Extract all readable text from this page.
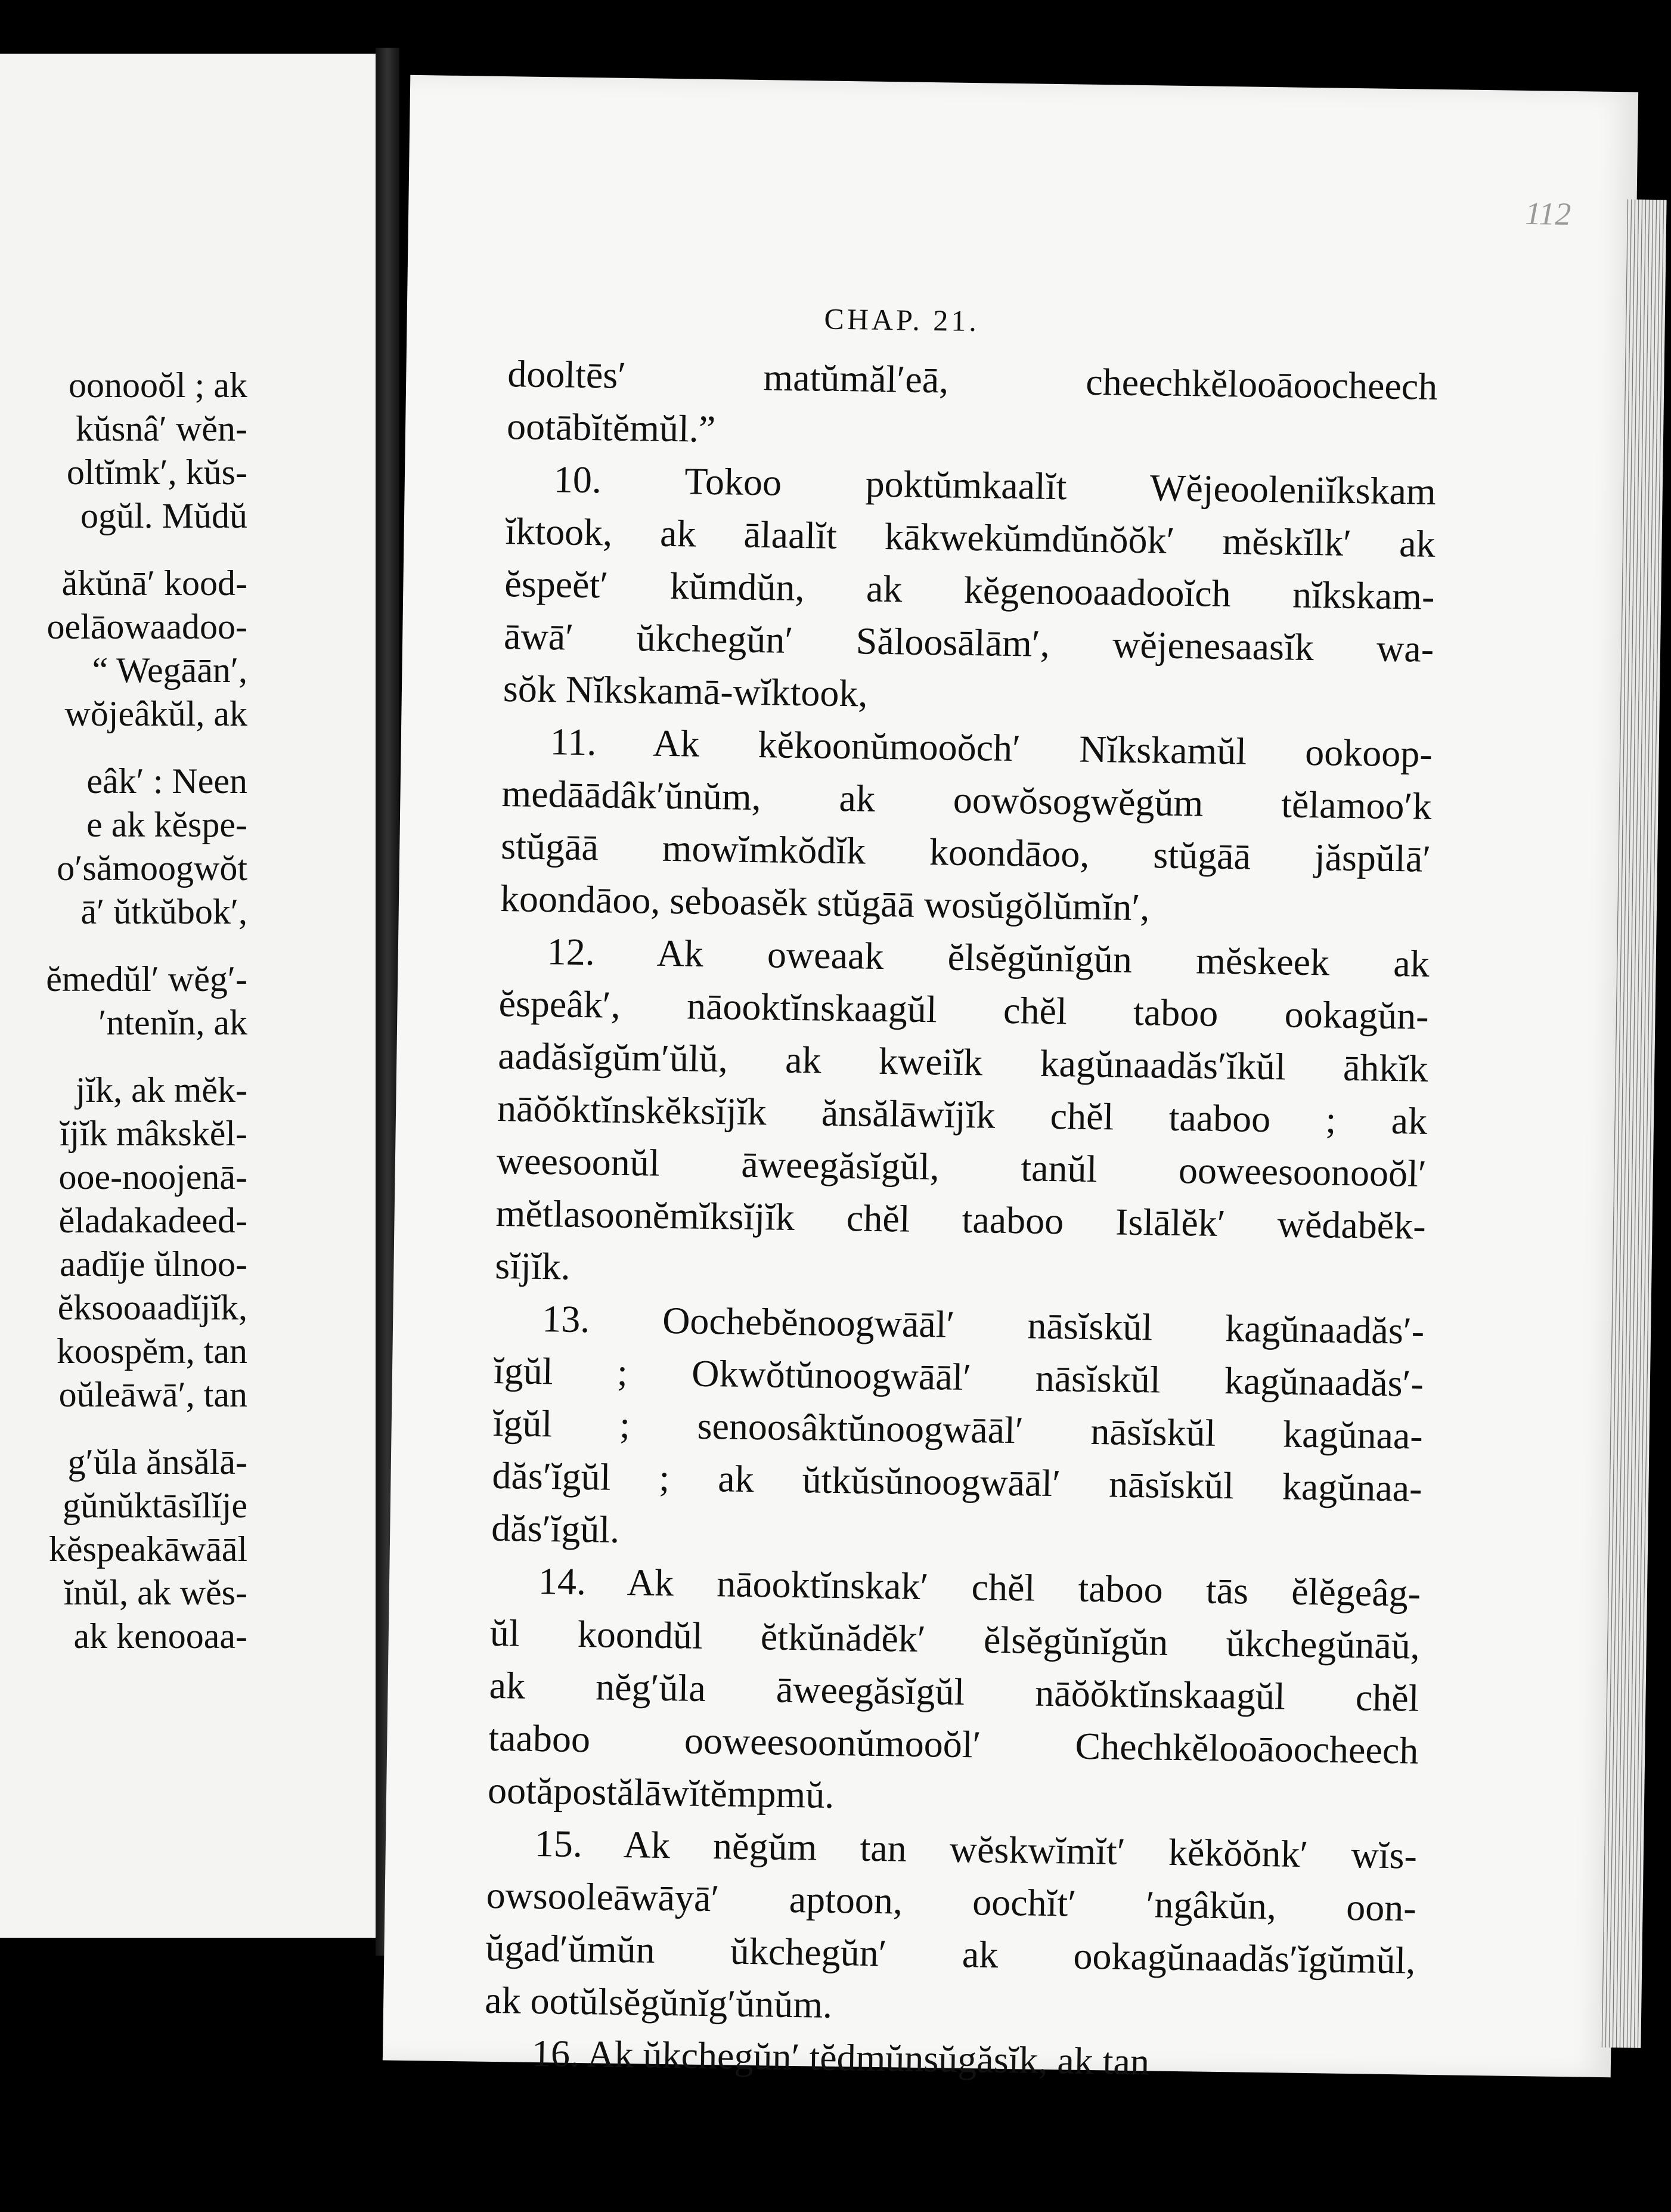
oonooŏl ; ak
kŭsnâ′ wĕn-
oltĭmk′, kŭs-
ogŭl. Mŭdŭ
ăkŭnā′ kood-
oelāowaadoo-
“ Wegāān′,
wŏjeâkŭl, ak
eâk′ : Neen
e ak kĕspe-
o′sămoogwŏt
ā′ ŭtkŭbok′,
ĕmedŭl′ wĕg′-
′ntenĭn, ak
jĭk, ak mĕk-
ĭjĭk mâkskĕl-
ooe-noojenā-
ĕladakadeed-
aadĭje ŭlnoo-
ĕksooaadĭjĭk,
koospĕm, tan
oŭleāwā′, tan
g′ŭla ănsălā-
gŭnŭktāsĭlĭje
kĕspeakāwāāl
ĭnŭl, ak wĕs-
ak kenooaa-
112
CHAP. 21.
dooltēs′ matŭmăl′eā, cheechkĕlooāoocheech
ootābĭtĕmŭl.”
10. Tokoo poktŭmkaalĭt Wĕjeooleniĭkskam
ĭktook, ak ālaalĭt kākwekŭmdŭnŏŏk′ mĕskĭlk′ ak
ĕspeĕt′ kŭmdŭn, ak kĕgenooaadooĭch nĭkskam-
āwā′ ŭkchegŭn′ Săloosālām′, wĕjenesaasĭk wa-
sŏk Nĭkskamā-wĭktook,
11. Ak kĕkoonŭmooŏch′ Nĭkskamŭl ookoop-
medāādâk′ŭnŭm, ak oowŏsogwĕgŭm tĕlamoo′k
stŭgāā mowĭmkŏdĭk koondāoo, stŭgāā jăspŭlā′
koondāoo, seboasĕk stŭgāā wosŭgŏlŭmĭn′,
12. Ak oweaak ĕlsĕgŭnĭgŭn mĕskeek ak
ĕspeâk′, nāooktĭnskaagŭl chĕl taboo ookagŭn-
aadăsĭgŭm′ŭlŭ, ak kweiĭk kagŭnaadăs′ĭkŭl āhkĭk
nāŏŏktĭnskĕksĭjĭk ănsălāwĭjĭk chĕl taaboo ; ak
weesoonŭl āweegăsĭgŭl, tanŭl ooweesoonooŏl′
mĕtlasoonĕmĭksĭjĭk chĕl taaboo Islālĕk′ wĕdabĕk-
sĭjĭk.
13. Oochebĕnoogwāāl′ nāsĭskŭl kagŭnaadăs′-
ĭgŭl ; Okwŏtŭnoogwāāl′ nāsĭskŭl kagŭnaadăs′-
ĭgŭl ; senoosâktŭnoogwāāl′ nāsĭskŭl kagŭnaa-
dăs′ĭgŭl ; ak ŭtkŭsŭnoogwāāl′ nāsĭskŭl kagŭnaa-
dăs′ĭgŭl.
14. Ak nāooktĭnskak′ chĕl taboo tās ĕlĕgeâg-
ŭl koondŭl ĕtkŭnădĕk′ ĕlsĕgŭnĭgŭn ŭkchegŭnāŭ,
ak nĕg′ŭla āweegăsĭgŭl nāŏŏktĭnskaagŭl chĕl
taaboo ooweesoonŭmooŏl′ Chechkĕlooāoocheech
ootăpostălāwĭtĕmpmŭ.
15. Ak nĕgŭm tan wĕskwĭmĭt′ kĕkŏŏnk′ wĭs-
owsooleāwāyā′ aptoon, oochĭt′ ′ngâkŭn, oon-
ŭgad′ŭmŭn ŭkchegŭn′ ak ookagŭnaadăs′ĭgŭmŭl,
ak ootŭlsĕgŭnĭg′ŭnŭm.
16. Ak ŭkchegŭn′ tĕdmŭnsŭgăsĭk, ak tan
